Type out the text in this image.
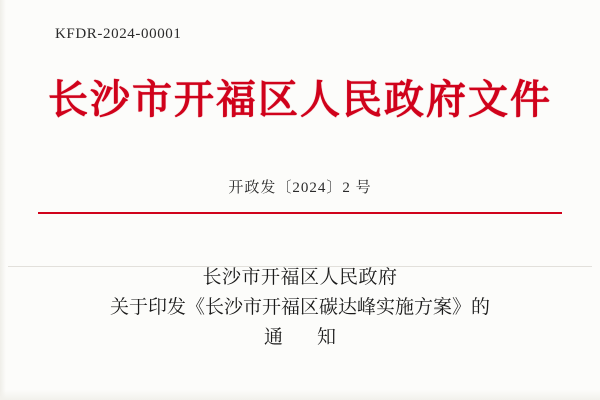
KFDR-2024-00001
长沙市开福区人民政府文件
开政发〔2024〕2 号
长沙市开福区人民政府
关于印发《长沙市开福区碳达峰实施方案》的
通 知
